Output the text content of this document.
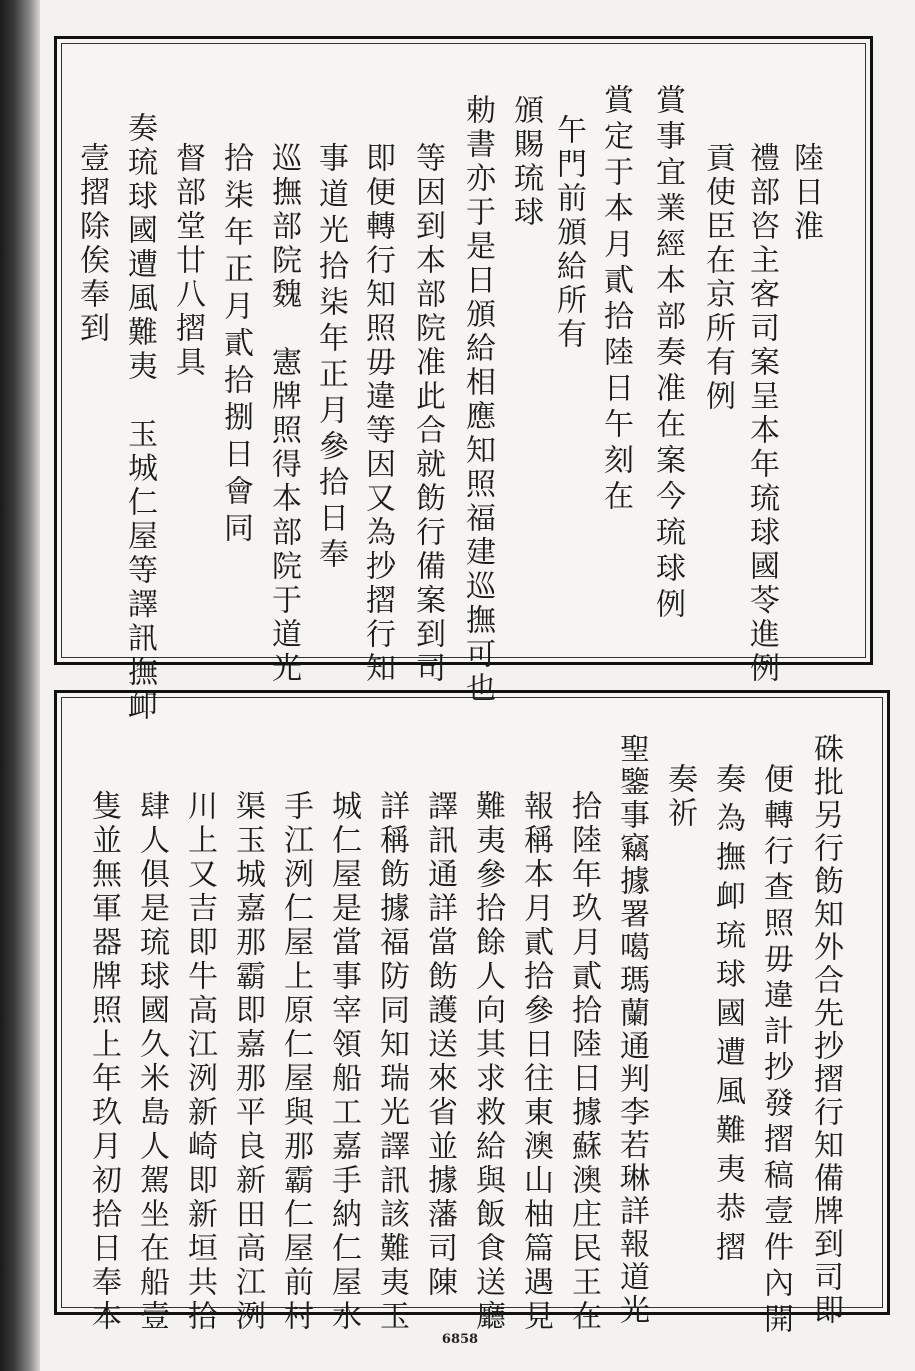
陸日淮
禮部咨主客司案呈本年琉球國苓進例
貢使臣在京所有例
賞事宜業經本部奏准在案今琉球例
賞定于本月貳拾陸日午刻在
午門前頒給所有
頒賜琉球
勅書亦于是日頒給相應知照福建巡撫可也
等因到本部院准此合就飭行備案到司
即便轉行知照毋違等因又為抄摺行知
事道光拾柒年正月參拾日奉
巡撫部院魏　憲牌照得本部院于道光
拾柒年正月貳拾捌日會同
督部堂廿八摺具
奏琉球國遭風難夷　玉城仁屋等譯訊撫卹
壹摺除俟奉到
硃批另行飭知外合先抄摺行知備牌到司即
便轉行查照毋違計抄發摺稿壹件內開
奏為撫卹琉球國遭風難夷恭摺
奏祈
聖鑒事竊據署噶瑪蘭通判李若琳詳報道光
拾陸年玖月貳拾陸日據蘇澳庄民王在
報稱本月貳拾參日往東澳山柚篇遇見
難夷參拾餘人向其求救給與飯食送廳
譯訊通詳當飭護送來省並據藩司陳
詳稱飭據福防同知瑞光譯訊該難夷玉
城仁屋是當事宰領船工嘉手納仁屋水
手江洌仁屋上原仁屋與那霸仁屋前村
渠玉城嘉那霸即嘉那平良新田高江洌
川上又吉即牛高江洌新崎即新垣共拾
肆人俱是琉球國久米島人駕坐在船壹
隻並無軍器牌照上年玖月初拾日奉本
6858
